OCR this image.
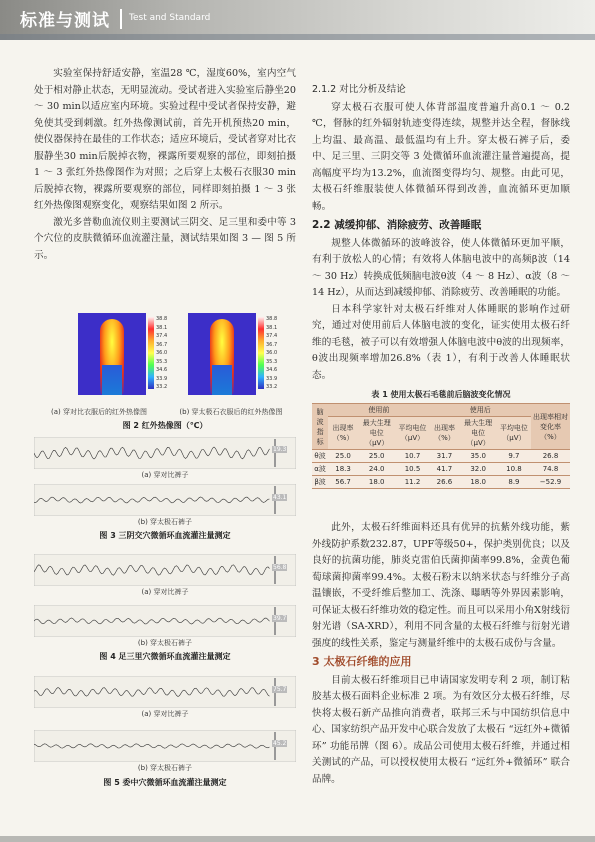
标准与测试 Test and Standard

实验室保持舒适安静，室温28 ℃，湿度60%，室内空气处于相对静止状态，无明显流动。受试者进入实验室后静坐20 ～ 30 min以适应室内环境。实验过程中受试者保持安静，避免使其受到刺激。红外热像测试前，首先开机预热20 min，使仪器保持在最佳的工作状态；适应环境后，受试者穿对比衣服静坐30 min后脱掉衣物，裸露所要观察的部位，即刻拍摄 1 ～ 3 张红外热像图作为对照；之后穿上太极石衣服30 min后脱掉衣物，裸露所要观察的部位，同样即刻拍摄 1 ～ 3 张红外热像图观察变化，观察结果如图 2 所示。

激光多普勒血流仪则主要测试三阴交、足三里和委中等 3 个穴位的皮肤微循环血流灌注量，测试结果如图 3 — 图 5 所示。

38.8
38.1
37.4
36.7
36.0
35.3
34.6
33.9
33.2
38.8
38.1
37.4
36.7
36.0
35.3
34.6
33.9
33.2
(a) 穿对比衣服后的红外热像图	(b) 穿太极石衣服后的红外热像图
图 2 红外热像图（℃）
(a) 穿对比裤子
(b) 穿太极石裤子
图 3 三阴交穴微循环血流灌注量测定
(a) 穿对比裤子
(b) 穿太极石裤子
图 4 足三里穴微循环血流灌注量测定
(a) 穿对比裤子
(b) 穿太极石裤子
图 5 委中穴微循环血流灌注量测定
19.3
43.1
56.8
39.7
75.7
45.2
2.1.2 对比分析及结论

穿太极石衣服可使人体背部温度普遍升高0.1 ～ 0.2 ℃，督脉的红外辐射轨迹变得连续，规整并达全程，督脉线上均温、最高温、最低温均有上升。穿太极石裤子后，委中、足三里、三阴交等 3 处微循环血流灌注量普遍提高，提高幅度平均为13.2%，血流图变得均匀、规整。由此可见，太极石纤维服装使人体微循环得到改善，血流循环更加顺畅。

2.2 减缓抑郁、消除疲劳、改善睡眠

规整人体微循环的波峰波谷，使人体微循环更加平顺，有利于放松人的心情；有效将人体脑电波中的高频β波（14 ～ 30 Hz）转换成低频脑电波θ波（4 ～ 8 Hz）、α波（8 ～ 14 Hz），从而达到减缓抑郁、消除疲劳、改善睡眠的功能。

日本科学家针对太极石纤维对人体睡眠的影响作过研究，通过对使用前后人体脑电波的变化，证实使用太极石纤维的毛毯，被子可以有效增强人体脑电波中θ波的出现频率，θ波出现频率增加26.8%（表 1），有利于改善人体睡眠状态。

表 1 使用太极石毛毯前后脑波变化情况
脑波指标	使用前			使用后			出现率相对变化率（%）
	出现率（%）	最大生理电位（μV）	平均电位（μV）	出现率（%）	最大生理电位（μV）	平均电位（μV）	
θ波	25.0	25.0	10.7	31.7	35.0	9.7	26.8
α波	18.3	24.0	10.5	41.7	32.0	10.8	74.8
β波	56.7	18.0	11.2	26.6	18.0	8.9	−52.9

此外，太极石纤维面料还具有优异的抗紫外线功能，紫外线防护系数232.87，UPF等级50+，保护类别优良；以及良好的抗菌功能，肺炎克雷伯氏菌抑菌率99.8%，金黄色葡萄球菌抑菌率99.4%。太极石粉末以纳米状态与纤维分子高温镶嵌，不受纤维后整加工、洗涤、曝晒等外界因素影响，可保证太极石纤维功效的稳定性。而且可以采用小角X射线衍射光谱（SA-XRD），利用不同含量的太极石纤维与衍射光谱强度的线性关系，鉴定与测量纤维中的太极石成份与含量。

3 太极石纤维的应用

目前太极石纤维项目已申请国家发明专利 2 项，制订粘胶基太极石面料企业标准 2 项。为有效区分太极石纤维，尽快将太极石新产品推向消费者，联邦三禾与中国纺织信息中心、国家纺织产品开发中心联合发放了太极石 “远红外+微循环” 功能吊牌（图 6）。成品公司使用太极石纤维，并通过相关测试的产品，可以授权使用太极石 “远红外+微循环” 联合品牌。
